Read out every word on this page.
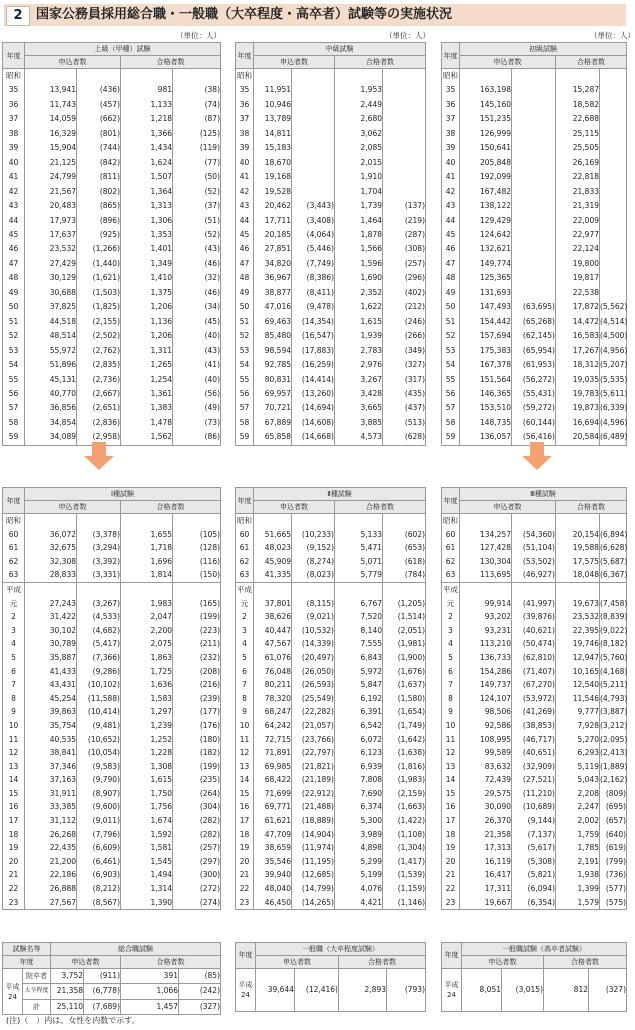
2	国家公務員採用総合職・一般職（大卒程度・高卒者）試験等の実施状況
（単位：人）	（単位：人）	（単位：人）
年度	上級（甲種）試験			
	申込者数		合格者数	
昭和				
35	13,941	(436)	981	(38)
36	11,743	(457)	1,133	(74)
37	14,059	(662)	1,218	(87)
38	16,329	(801)	1,366	(125)
39	15,904	(744)	1,434	(119)
40	21,125	(842)	1,624	(77)
41	24,799	(811)	1,507	(50)
42	21,567	(802)	1,364	(52)
43	20,483	(865)	1,313	(37)
44	17,973	(896)	1,306	(51)
45	17,637	(925)	1,353	(52)
46	23,532	(1,266)	1,401	(43)
47	27,429	(1,440)	1,349	(46)
48	30,129	(1,621)	1,410	(32)
49	30,688	(1,503)	1,375	(46)
50	37,825	(1,825)	1,206	(34)
51	44,518	(2,155)	1,136	(45)
52	48,514	(2,502)	1,206	(40)
53	55,972	(2,762)	1,311	(43)
54	51,896	(2,835)	1,265	(41)
55	45,131	(2,736)	1,254	(40)
56	40,770	(2,667)	1,361	(56)
57	36,856	(2,651)	1,383	(49)
58	34,854	(2,836)	1,478	(73)
59	34,089	(2,958)	1,562	(86)
年度	中級試験			
	申込者数		合格者数	
昭和				
35	11,951		1,953	
36	10,946		2,449	
37	13,789		2,680	
38	14,811		3,062	
39	15,183		2,085	
40	18,670		2,015	
41	19,168		1,910	
42	19,528		1,704	
43	20,462	(3,443)	1,739	(137)
44	17,711	(3,408)	1,464	(219)
45	20,185	(4,064)	1,878	(287)
46	27,851	(5,446)	1,566	(308)
47	34,820	(7,749)	1,596	(257)
48	36,967	(8,386)	1,690	(296)
49	38,877	(8,411)	2,352	(402)
50	47,016	(9,478)	1,622	(212)
51	69,463	(14,354)	1,615	(246)
52	85,480	(16,547)	1,939	(266)
53	98,594	(17,883)	2,783	(349)
54	92,785	(16,259)	2,976	(327)
55	80,831	(14,414)	3,267	(317)
56	69,957	(13,260)	3,428	(435)
57	70,721	(14,694)	3,665	(437)
58	67,889	(14,608)	3,885	(513)
59	65,858	(14,668)	4,573	(628)
年度	初級試験			
	申込者数		合格者数	
昭和				
35	163,198		15,287	
36	145,160		18,582	
37	151,235		22,688	
38	126,999		25,115	
39	150,641		25,505	
40	205,848		26,169	
41	192,099		22,818	
42	167,482		21,833	
43	138,122		21,319	
44	129,429		22,009	
45	124,642		22,977	
46	132,621		22,124	
47	149,774		19,800	
48	125,365		19,817	
49	131,693		22,538	
50	147,493	(63,695)	17,872	(5,562)
51	154,442	(65,268)	14,472	(4,514)
52	157,694	(62,145)	16,583	(4,500)
53	175,383	(65,954)	17,267	(4,956)
54	167,378	(61,953)	18,312	(5,207)
55	151,564	(56,272)	19,035	(5,535)
56	146,365	(55,431)	19,783	(5,611)
57	153,510	(59,272)	19,873	(6,339)
58	148,735	(60,144)	16,694	(4,596)
59	136,057	(56,416)	20,584	(6,489)
年度	Ⅰ種試験			
	申込者数		合格者数	
昭和				
60	36,072	(3,378)	1,655	(105)
61	32,675	(3,294)	1,718	(128)
62	32,308	(3,392)	1,696	(116)
63	28,833	(3,331)	1,814	(150)
平成				
元	27,243	(3,267)	1,983	(165)
2	31,422	(4,533)	2,047	(199)
3	30,102	(4,682)	2,200	(223)
4	30,789	(5,417)	2,075	(211)
5	35,887	(7,366)	1,863	(232)
6	41,433	(9,286)	1,725	(208)
7	43,431	(10,102)	1,636	(216)
8	45,254	(11,588)	1,583	(239)
9	39,863	(10,414)	1,297	(177)
10	35,754	(9,481)	1,239	(176)
11	40,535	(10,652)	1,252	(180)
12	38,841	(10,054)	1,228	(182)
13	37,346	(9,583)	1,308	(199)
14	37,163	(9,790)	1,615	(235)
15	31,911	(8,907)	1,750	(264)
16	33,385	(9,600)	1,756	(304)
17	31,112	(9,011)	1,674	(282)
18	26,268	(7,796)	1,592	(282)
19	22,435	(6,609)	1,581	(257)
20	21,200	(6,461)	1,545	(297)
21	22,186	(6,903)	1,494	(300)
22	26,888	(8,212)	1,314	(272)
23	27,567	(8,567)	1,390	(274)
年度	Ⅱ種試験			
	申込者数		合格者数	
昭和				
60	51,665	(10,233)	5,133	(602)
61	48,023	(9,152)	5,471	(653)
62	45,909	(8,274)	5,071	(618)
63	41,335	(8,023)	5,779	(784)
平成				
元	37,801	(8,115)	6,767	(1,205)
2	38,626	(9,021)	7,520	(1,514)
3	40,447	(10,532)	8,140	(2,051)
4	47,567	(14,339)	7,555	(1,981)
5	61,076	(20,497)	6,843	(1,900)
6	76,048	(26,050)	5,972	(1,676)
7	80,211	(26,593)	5,847	(1,637)
8	78,320	(25,549)	6,192	(1,580)
9	68,247	(22,282)	6,391	(1,654)
10	64,242	(21,057)	6,542	(1,749)
11	72,715	(23,766)	6,072	(1,642)
12	71,891	(22,797)	6,123	(1,638)
13	69,985	(21,821)	6,939	(1,816)
14	68,422	(21,189)	7,808	(1,983)
15	71,699	(22,912)	7,690	(2,159)
16	69,771	(21,488)	6,374	(1,663)
17	61,621	(18,889)	5,300	(1,422)
18	47,709	(14,904)	3,989	(1,108)
19	38,659	(11,974)	4,898	(1,304)
20	35,546	(11,195)	5,299	(1,417)
21	39,940	(12,685)	5,199	(1,539)
22	48,040	(14,799)	4,076	(1,159)
23	46,450	(14,265)	4,421	(1,146)
年度	Ⅲ種試験			
	申込者数		合格者数	
昭和				
60	134,257	(54,360)	20,154	(6,894)
61	127,428	(51,104)	19,588	(6,628)
62	130,304	(53,502)	17,575	(5,687)
63	113,695	(46,927)	18,048	(6,367)
平成				
元	99,914	(41,997)	19,673	(7,458)
2	93,202	(39,876)	23,532	(8,839)
3	93,231	(40,621)	22,395	(9,022)
4	113,210	(50,474)	19,746	(8,182)
5	136,733	(62,810)	12,947	(5,760)
6	154,286	(71,407)	10,165	(4,168)
7	149,737	(67,270)	12,540	(5,211)
8	124,107	(53,972)	11,546	(4,793)
9	98,506	(41,269)	9,777	(3,887)
10	92,586	(38,853)	7,928	(3,212)
11	108,995	(46,717)	5,270	(2,095)
12	99,589	(40,651)	6,293	(2,413)
13	83,632	(32,909)	5,119	(1,889)
14	72,439	(27,521)	5,043	(2,162)
15	29,575	(11,210)	2,208	(809)
16	30,090	(10,689)	2,247	(695)
17	26,370	(9,144)	2,002	(657)
18	21,358	(7,137)	1,759	(640)
19	17,313	(5,617)	1,785	(619)
20	16,119	(5,308)	2,191	(799)
21	16,417	(5,821)	1,938	(736)
22	17,311	(6,094)	1,399	(577)
23	19,667	(6,354)	1,579	(575)
試験名等		総合職試験			
年度		申込者数		合格者数	
平成
24	院卒者	3,752	(911)	391	(85)
	大卒程度	21,358	(6,778)	1,066	(242)
	計	25,110	(7,689)	1,457	(327)
年度	一般職（大卒程度試験）			
	申込者数		合格者数	
平成
24	39,644	(12,416)	2,893	(793)
年度	一般職試験（高卒者試験）			
	申込者数		合格者数	
平成
24	8,051	(3,015)	812	(327)
(注)（　）内は、女性を内数で示す。
